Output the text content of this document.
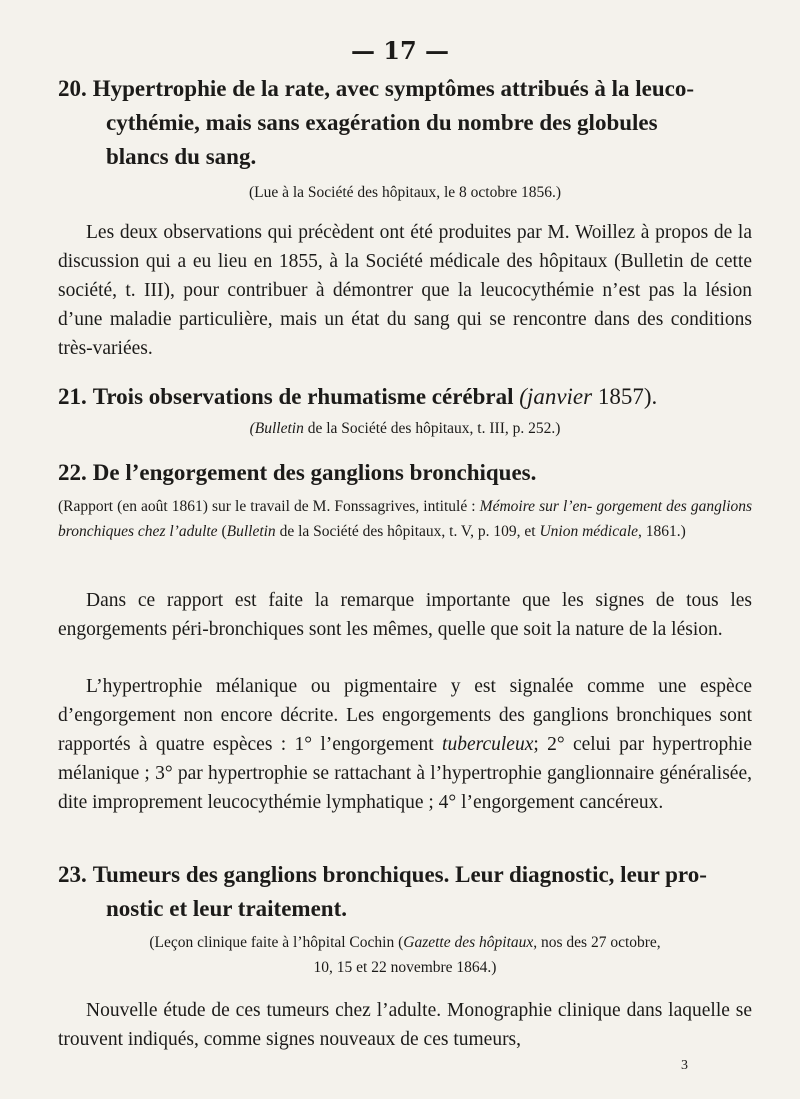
— 17 —
20. Hypertrophie de la rate, avec symptômes attribués à la leuco-
cythémie, mais sans exagération du nombre des globules
blancs du sang.
(Lue à la Société des hôpitaux, le 8 octobre 1856.)
Les deux observations qui précèdent ont été produites par M. Woillez à propos de la discussion qui a eu lieu en 1855, à la Société médicale des hôpitaux (Bulletin de cette société, t. III), pour contribuer à démontrer que la leucocythémie n’est pas la lésion d’une maladie particulière, mais un état du sang qui se rencontre dans des conditions très-variées.
21. Trois observations de rhumatisme cérébral (janvier 1857).
(Bulletin de la Société des hôpitaux, t. III, p. 252.)
22. De l’engorgement des ganglions bronchiques.
(Rapport (en août 1861) sur le travail de M. Fonssagrives, intitulé : Mémoire sur l’en- gorgement des ganglions bronchiques chez l’adulte (Bulletin de la Société des hôpitaux, t. V, p. 109, et Union médicale, 1861.)
Dans ce rapport est faite la remarque importante que les signes de tous les engorgements péri-bronchiques sont les mêmes, quelle que soit la nature de la lésion.
L’hypertrophie mélanique ou pigmentaire y est signalée comme une espèce d’engorgement non encore décrite. Les engorgements des ganglions bronchiques sont rapportés à quatre espèces : 1° l’engorgement tuberculeux; 2° celui par hypertrophie mélanique ; 3° par hypertrophie se rattachant à l’hypertrophie ganglionnaire généralisée, dite improprement leucocythémie lymphatique ; 4° l’engorgement cancéreux.
23. Tumeurs des ganglions bronchiques. Leur diagnostic, leur pro-
nostic et leur traitement.
(Leçon clinique faite à l’hôpital Cochin (Gazette des hôpitaux, nos des 27 octobre,
10, 15 et 22 novembre 1864.)
Nouvelle étude de ces tumeurs chez l’adulte. Monographie clinique dans laquelle se trouvent indiqués, comme signes nouveaux de ces tumeurs,
3
